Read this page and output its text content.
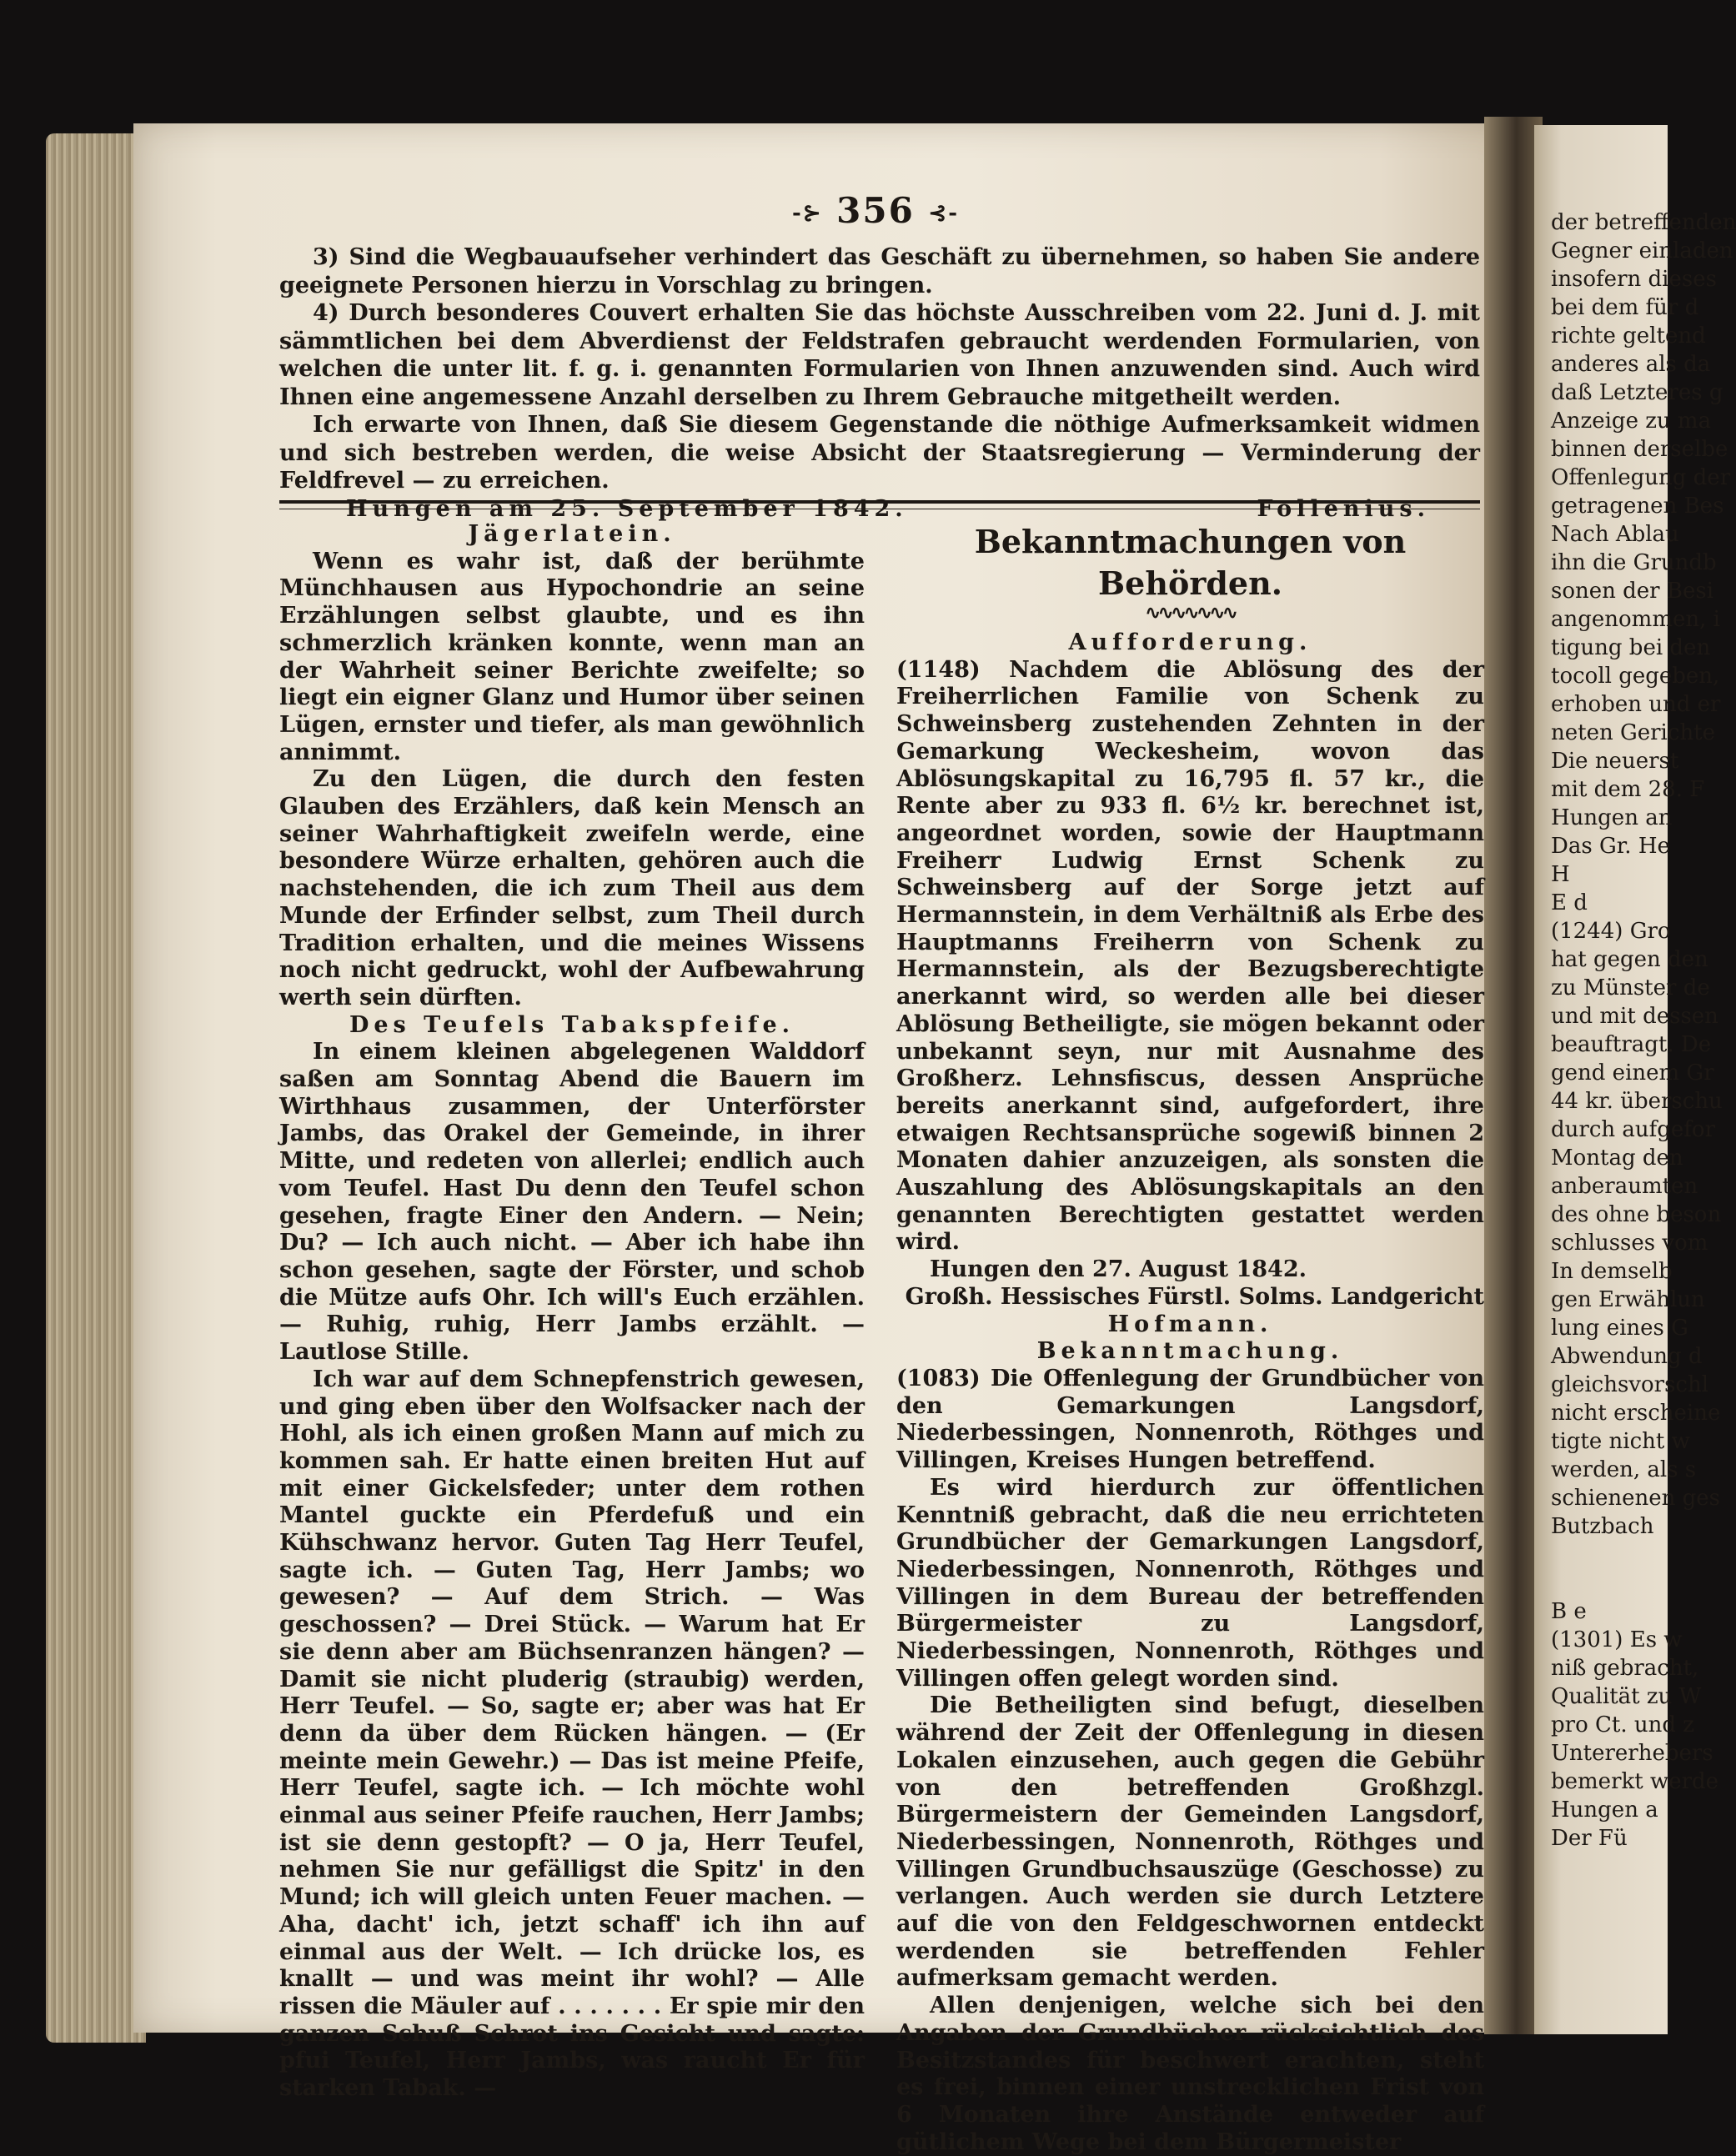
der betreffenden
Gegner einladen
insofern dieses
bei dem für d
richte geltend
anderes als da
daß Letzteres g
Anzeige zu ma
binnen derselbe
Offenlegung der
getragenen Bes
Nach Ablau
ihn die Grundb
sonen der Besi
angenommen, i
tigung bei den
tocoll gegeben,
erhoben und er
neten Gerichte
Die neuerst
mit dem 28. F
Hungen an
Das Gr. He
H
E d
(1244) Gro
hat gegen den
zu Münster de
und mit dessen
beauftragt. De
gend einem Gr
44 kr. überschu
durch aufgefor
Montag den
anberaumten
des ohne beson
schlusses vom
In demselb
gen Erwählun
lung eines G
Abwendung d
gleichsvorschl
nicht erscheine
tigte nicht w
werden, als s
schienenen ges
Butzbach

B e
(1301) Es w
niß gebracht,
Qualität zu W
pro Ct. und z
Untererhebers
bemerkt werde
Hungen a
Der Fü
-⊱ 356 ⊰-

3) Sind die Wegbauaufseher verhindert das Geschäft zu übernehmen, so haben Sie andere geeignete Personen hierzu in Vorschlag zu bringen.

4) Durch besonderes Couvert erhalten Sie das höchste Ausschreiben vom 22. Juni d. J. mit sämmtlichen bei dem Abverdienst der Feldstrafen gebraucht werdenden Formularien, von welchen die unter lit. f. g. i. genannten Formularien von Ihnen anzuwenden sind. Auch wird Ihnen eine angemessene Anzahl derselben zu Ihrem Gebrauche mitgetheilt werden.

Ich erwarte von Ihnen, daß Sie diesem Gegenstande die nöthige Aufmerksamkeit widmen und sich bestreben werden, die weise Absicht der Staatsregierung — Verminderung der Feldfrevel — zu erreichen.

Hungen am 25. September 1842.	Follenius.

Jägerlatein.

Wenn es wahr ist, daß der berühmte Münchhausen aus Hypochondrie an seine Erzählungen selbst glaubte, und es ihn schmerzlich kränken konnte, wenn man an der Wahrheit seiner Berichte zweifelte; so liegt ein eigner Glanz und Humor über seinen Lügen, ernster und tiefer, als man gewöhnlich annimmt.

Zu den Lügen, die durch den festen Glauben des Erzählers, daß kein Mensch an seiner Wahrhaftigkeit zweifeln werde, eine besondere Würze erhalten, gehören auch die nachstehenden, die ich zum Theil aus dem Munde der Erfinder selbst, zum Theil durch Tradition erhalten, und die meines Wissens noch nicht gedruckt, wohl der Aufbewahrung werth sein dürften.

Des Teufels Tabakspfeife.

In einem kleinen abgelegenen Walddorf saßen am Sonntag Abend die Bauern im Wirthhaus zusammen, der Unterförster Jambs, das Orakel der Gemeinde, in ihrer Mitte, und redeten von allerlei; endlich auch vom Teufel. Hast Du denn den Teufel schon gesehen, fragte Einer den Andern. — Nein; Du? — Ich auch nicht. — Aber ich habe ihn schon gesehen, sagte der Förster, und schob die Mütze aufs Ohr. Ich will's Euch erzählen. — Ruhig, ruhig, Herr Jambs erzählt. — Lautlose Stille.

Ich war auf dem Schnepfenstrich gewesen, und ging eben über den Wolfsacker nach der Hohl, als ich einen großen Mann auf mich zu kommen sah. Er hatte einen breiten Hut auf mit einer Gickelsfeder; unter dem rothen Mantel guckte ein Pferdefuß und ein Kühschwanz hervor. Guten Tag Herr Teufel, sagte ich. — Guten Tag, Herr Jambs; wo gewesen? — Auf dem Strich. — Was geschossen? — Drei Stück. — Warum hat Er sie denn aber am Büchsenranzen hängen? — Damit sie nicht pluderig (straubig) werden, Herr Teufel. — So, sagte er; aber was hat Er denn da über dem Rücken hängen. — (Er meinte mein Gewehr.) — Das ist meine Pfeife, Herr Teufel, sagte ich. — Ich möchte wohl einmal aus seiner Pfeife rauchen, Herr Jambs; ist sie denn gestopft? — O ja, Herr Teufel, nehmen Sie nur gefälligst die Spitz' in den Mund; ich will gleich unten Feuer machen. — Aha, dacht' ich, jetzt schaff' ich ihn auf einmal aus der Welt. — Ich drücke los, es knallt — und was meint ihr wohl? — Alle rissen die Mäuler auf . . . . . . . Er spie mir den ganzen Schuß Schrot ins Gesicht und sagte: pfui Teufel, Herr Jambs, was raucht Er für starken Tabak. —

Bekanntmachungen von Behörden.
∿∿∿∿∿∿∿

Aufforderung.

(1148) Nachdem die Ablösung des der Freiherrlichen Familie von Schenk zu Schweinsberg zustehenden Zehnten in der Gemarkung Weckesheim, wovon das Ablösungskapital zu 16,795 fl. 57 kr., die Rente aber zu 933 fl. 6½ kr. berechnet ist, angeordnet worden, sowie der Hauptmann Freiherr Ludwig Ernst Schenk zu Schweinsberg auf der Sorge jetzt auf Hermannstein, in dem Verhältniß als Erbe des Hauptmanns Freiherrn von Schenk zu Hermannstein, als der Bezugsberechtigte anerkannt wird, so werden alle bei dieser Ablösung Betheiligte, sie mögen bekannt oder unbekannt seyn, nur mit Ausnahme des Großherz. Lehnsfiscus, dessen Ansprüche bereits anerkannt sind, aufgefordert, ihre etwaigen Rechtsansprüche sogewiß binnen 2 Monaten dahier anzuzeigen, als sonsten die Auszahlung des Ablösungskapitals an den genannten Berechtigten gestattet werden wird.

Hungen den 27. August 1842.

Großh. Hessisches Fürstl. Solms. Landgericht

Hofmann.

Bekanntmachung.

(1083) Die Offenlegung der Grundbücher von den Gemarkungen Langsdorf, Niederbessingen, Nonnenroth, Röthges und Villingen, Kreises Hungen betreffend.

Es wird hierdurch zur öffentlichen Kenntniß gebracht, daß die neu errichteten Grundbücher der Gemarkungen Langsdorf, Niederbessingen, Nonnenroth, Röthges und Villingen in dem Bureau der betreffenden Bürgermeister zu Langsdorf, Niederbessingen, Nonnenroth, Röthges und Villingen offen gelegt worden sind.

Die Betheiligten sind befugt, dieselben während der Zeit der Offenlegung in diesen Lokalen einzusehen, auch gegen die Gebühr von den betreffenden Großhzgl. Bürgermeistern der Gemeinden Langsdorf, Niederbessingen, Nonnenroth, Röthges und Villingen Grundbuchsauszüge (Geschosse) zu verlangen. Auch werden sie durch Letztere auf die von den Feldgeschwornen entdeckt werdenden sie betreffenden Fehler aufmerksam gemacht werden.

Allen denjenigen, welche sich bei den Angaben der Grundbücher rücksichtlich des Besitzstandes für beschwert erachten, steht es frei, binnen einer unstrecklichen Frist von 6 Monaten ihre Anstände entweder auf gütlichem Wege bei dem Bürgermeister
